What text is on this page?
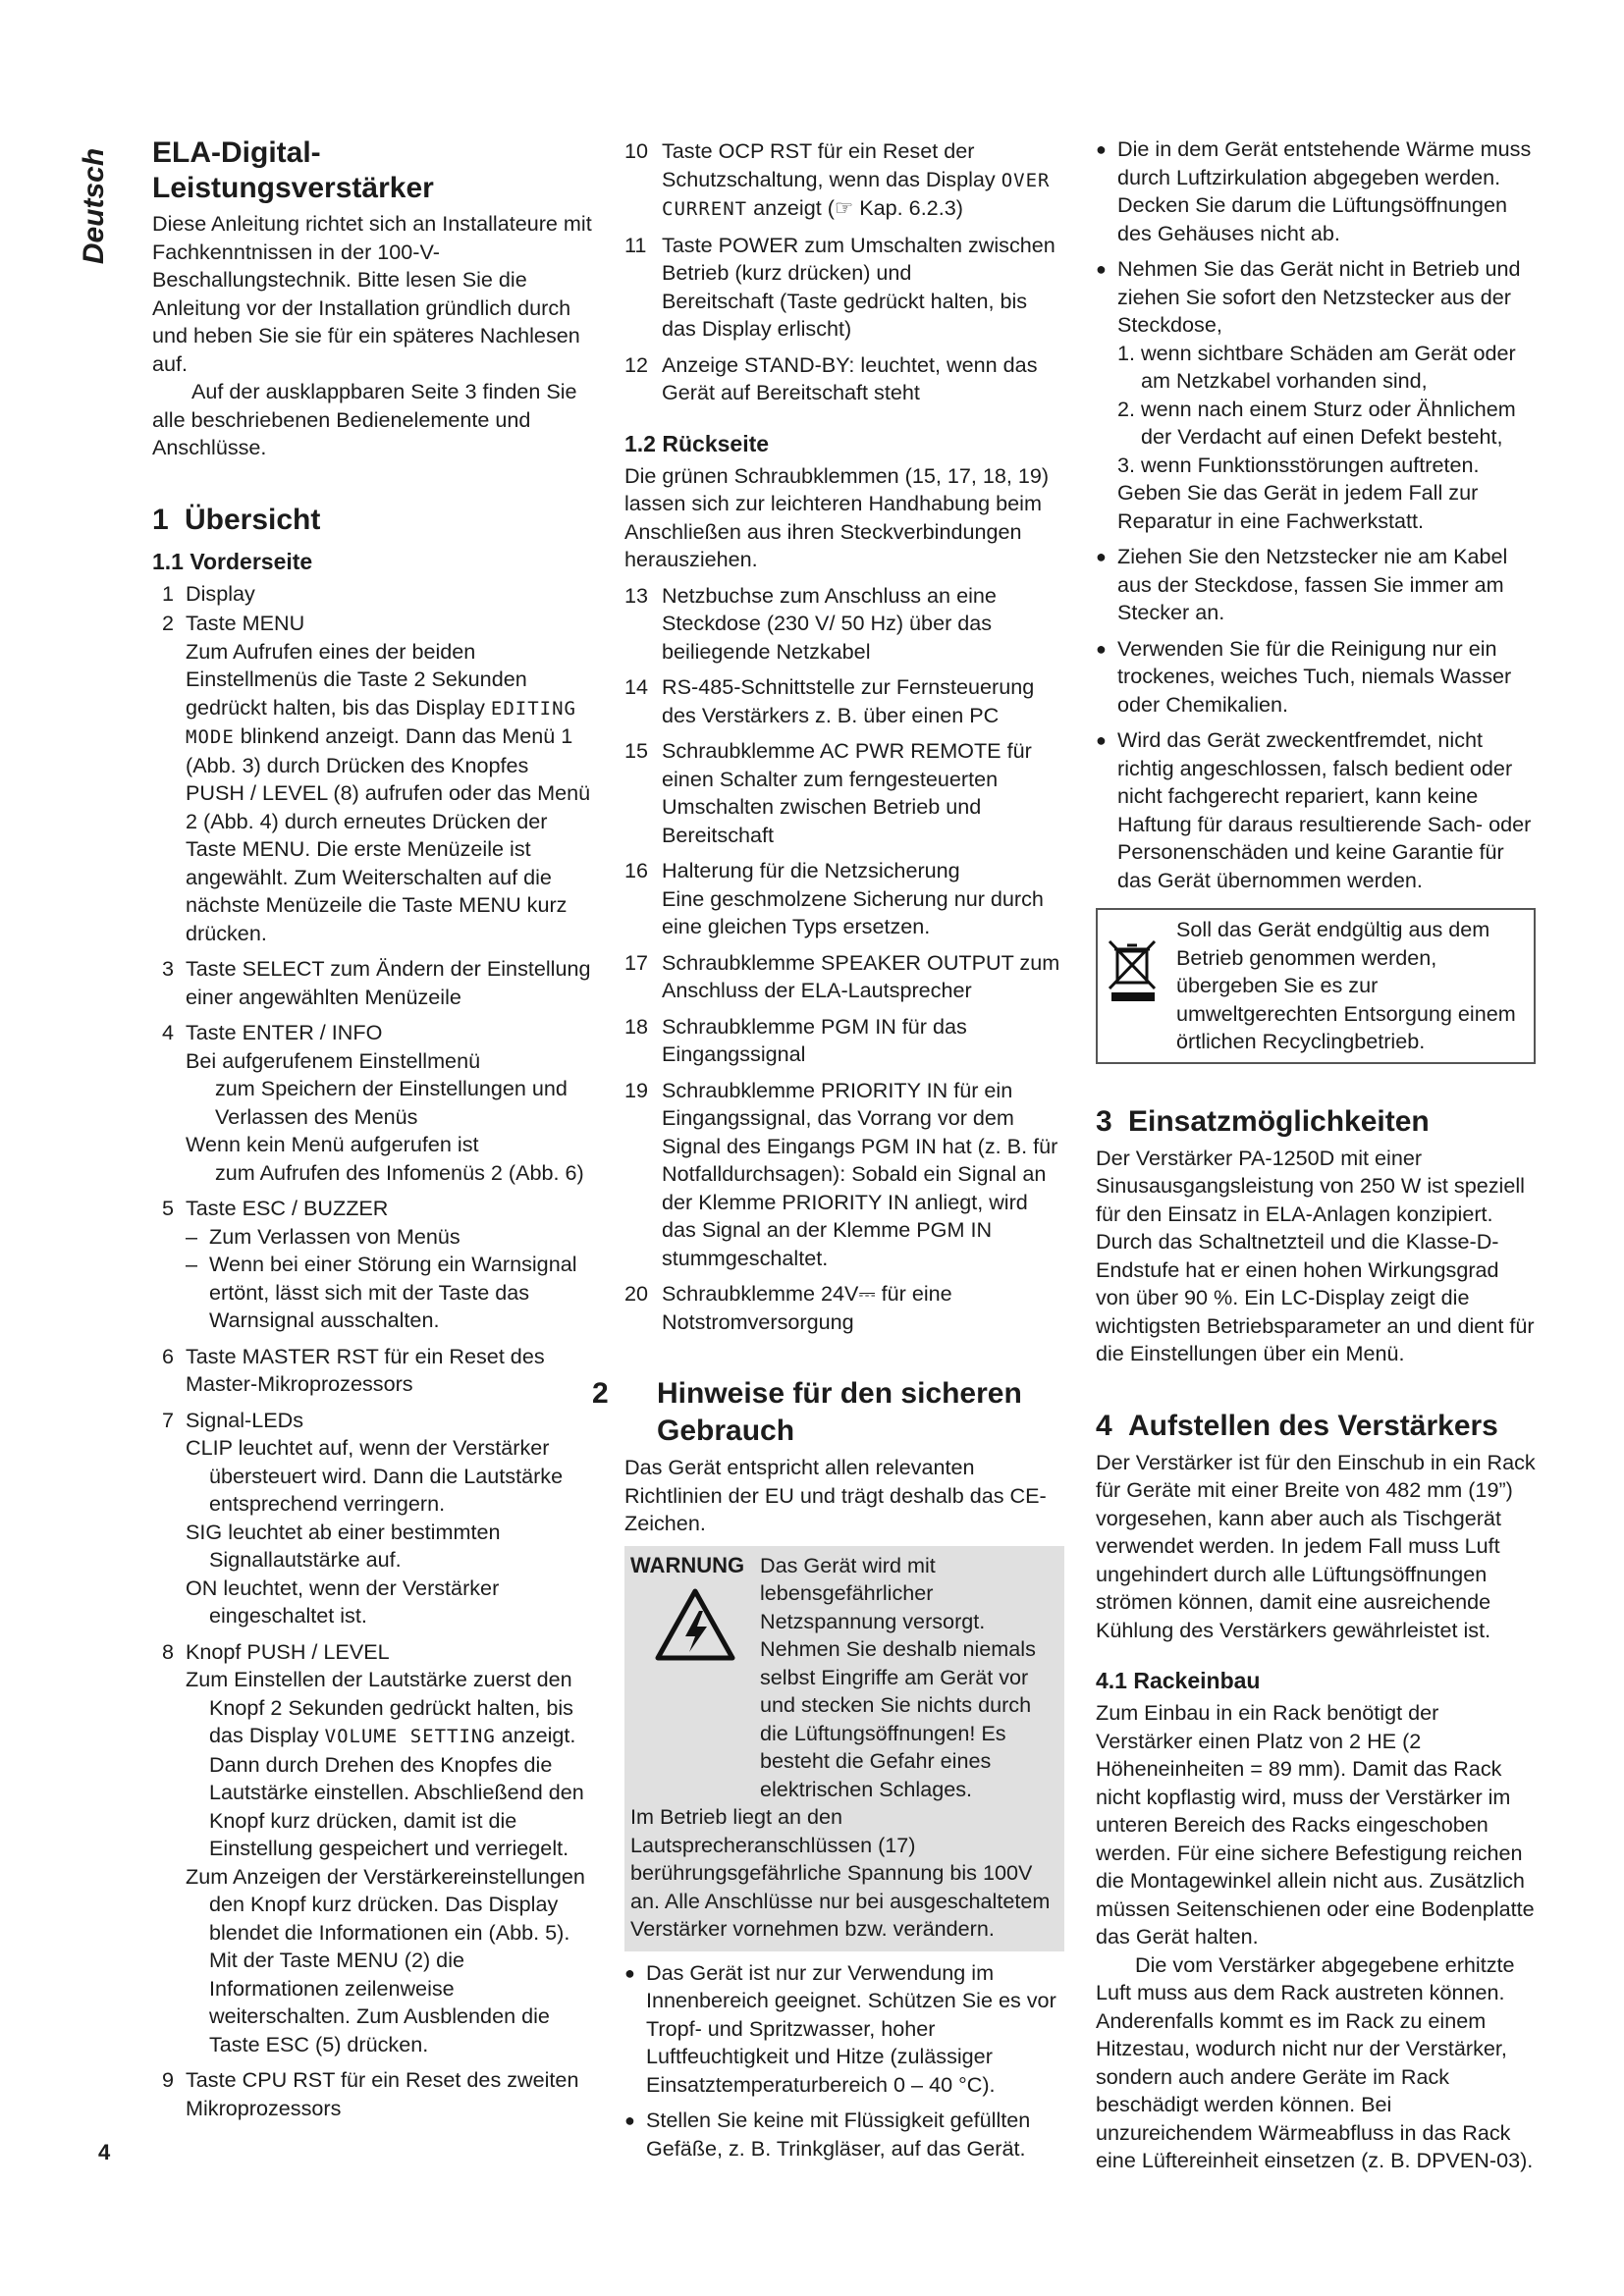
Deutsch ELA-Digital-Leistungsverstärker

Diese Anleitung richtet sich an Installateure mit Fachkenntnissen in der 100-V-Beschallungstechnik. Bitte lesen Sie die Anleitung vor der Installation gründlich durch und heben Sie sie für ein späteres Nachlesen auf.

Auf der ausklappbaren Seite 3 finden Sie alle beschriebenen Bedienelemente und Anschlüsse.

1 Übersicht
1.1 Vorderseite
1 Display
2 Taste MENU
Zum Aufrufen eines der beiden Einstellmenüs die Taste 2 Sekunden gedrückt halten, bis das Display EDITING MODE blinkend anzeigt. Dann das Menü 1 (Abb. 3) durch Drücken des Knopfes PUSH / LEVEL (8) aufrufen oder das Menü 2 (Abb. 4) durch erneutes Drücken der Taste MENU. Die erste Menüzeile ist angewählt. Zum Weiterschalten auf die nächste Menüzeile die Taste MENU kurz drücken.
3 Taste SELECT zum Ändern der Einstellung einer angewählten Menüzeile
4 Taste ENTER / INFO
Bei aufgerufenem Einstellmenü
zum Speichern der Einstellungen und Verlassen des Menüs
Wenn kein Menü aufgerufen ist
zum Aufrufen des Infomenüs 2 (Abb. 6)
5 Taste ESC / BUZZER
– Zum Verlassen von Menüs
– Wenn bei einer Störung ein Warnsignal ertönt, lässt sich mit der Taste das Warnsignal ausschalten.
6 Taste MASTER RST für ein Reset des Master-Mikroprozessors
7 Signal-LEDs
CLIP leuchtet auf, wenn der Verstärker übersteuert wird. Dann die Lautstärke entsprechend verringern.
SIG leuchtet ab einer bestimmten Signallautstärke auf.
ON leuchtet, wenn der Verstärker eingeschaltet ist.
8 Knopf PUSH / LEVEL
Zum Einstellen der Lautstärke zuerst den Knopf 2 Sekunden gedrückt halten, bis das Display VOLUME SETTING anzeigt. Dann durch Drehen des Knopfes die Lautstärke einstellen. Abschließend den Knopf kurz drücken, damit ist die Einstellung gespeichert und verriegelt.
Zum Anzeigen der Verstärkereinstellungen den Knopf kurz drücken. Das Display blendet die Informationen ein (Abb. 5). Mit der Taste MENU (2) die Informationen zeilenweise weiterschalten. Zum Ausblenden die Taste ESC (5) drücken.
9 Taste CPU RST für ein Reset des zweiten Mikroprozessors
10 Taste OCP RST für ein Reset der Schutzschaltung, wenn das Display OVER CURRENT anzeigt (☞ Kap. 6.2.3)
11 Taste POWER zum Umschalten zwischen Betrieb (kurz drücken) und
Bereitschaft (Taste gedrückt halten, bis das Display erlischt)
12 Anzeige STAND-BY: leuchtet, wenn das Gerät auf Bereitschaft steht
1.2 Rückseite

Die grünen Schraubklemmen (15, 17, 18, 19) lassen sich zur leichteren Handhabung beim Anschließen aus ihren Steckverbindungen herausziehen.

13 Netzbuchse zum Anschluss an eine Steckdose (230 V/ 50 Hz) über das beiliegende Netzkabel
14 RS-485-Schnittstelle zur Fernsteuerung des Verstärkers z. B. über einen PC
15 Schraubklemme AC PWR REMOTE für einen Schalter zum ferngesteuerten Umschalten zwischen Betrieb und Bereitschaft
16 Halterung für die Netzsicherung
Eine geschmolzene Sicherung nur durch eine gleichen Typs ersetzen.
17 Schraubklemme SPEAKER OUTPUT zum Anschluss der ELA-Lautsprecher
18 Schraubklemme PGM IN für das Eingangssignal
19 Schraubklemme PRIORITY IN für ein Eingangssignal, das Vorrang vor dem Signal des Eingangs PGM IN hat (z. B. für Notfalldurchsagen): Sobald ein Signal an der Klemme PRIORITY IN anliegt, wird das Signal an der Klemme PGM IN stummgeschaltet.
20 Schraubklemme 24V⎓ für eine Notstromversorgung
2 Hinweise für den sicheren Gebrauch

Das Gerät entspricht allen relevanten Richtlinien der EU und trägt deshalb das CE-Zeichen.

WARNUNG Das Gerät wird mit lebensgefährlicher Netzspannung versorgt. Nehmen Sie deshalb niemals selbst Eingriffe am Gerät vor und stecken Sie nichts durch die Lüftungsöffnungen! Es besteht die Gefahr eines elektrischen Schlages.

Im Betrieb liegt an den Lautsprecheranschlüssen (17) berührungsgefährliche Spannung bis 100V an. Alle Anschlüsse nur bei ausgeschaltetem Verstärker vornehmen bzw. verändern.

● Das Gerät ist nur zur Verwendung im Innenbereich geeignet. Schützen Sie es vor Tropf- und Spritzwasser, hoher Luftfeuchtigkeit und Hitze (zulässiger Einsatztemperaturbereich 0 – 40 °C).
● Stellen Sie keine mit Flüssigkeit gefüllten Gefäße, z. B. Trinkgläser, auf das Gerät.
● Die in dem Gerät entstehende Wärme muss durch Luftzirkulation abgegeben werden. Decken Sie darum die Lüftungsöffnungen des Gehäuses nicht ab.
● Nehmen Sie das Gerät nicht in Betrieb und ziehen Sie sofort den Netzstecker aus der Steckdose,
1. wenn sichtbare Schäden am Gerät oder am Netzkabel vorhanden sind,
2. wenn nach einem Sturz oder Ähnlichem der Verdacht auf einen Defekt besteht,
3. wenn Funktionsstörungen auftreten.
Geben Sie das Gerät in jedem Fall zur Reparatur in eine Fachwerkstatt.
● Ziehen Sie den Netzstecker nie am Kabel aus der Steckdose, fassen Sie immer am Stecker an.
● Verwenden Sie für die Reinigung nur ein trockenes, weiches Tuch, niemals Wasser oder Chemikalien.
● Wird das Gerät zweckentfremdet, nicht richtig angeschlossen, falsch bedient oder nicht fachgerecht repariert, kann keine Haftung für daraus resultierende Sach- oder Personenschäden und keine Garantie für das Gerät übernommen werden.
Soll das Gerät endgültig aus dem Betrieb genommen werden, übergeben Sie es zur umweltgerechten Entsorgung einem örtlichen Recyclingbetrieb.
3 Einsatzmöglichkeiten

Der Verstärker PA-1250D mit einer Sinusausgangsleistung von 250 W ist speziell für den Einsatz in ELA-Anlagen konzipiert. Durch das Schaltnetzteil und die Klasse-D-Endstufe hat er einen hohen Wirkungsgrad von über 90 %. Ein LC-Display zeigt die wichtigsten Betriebsparameter an und dient für die Einstellungen über ein Menü.

4 Aufstellen des Verstärkers

Der Verstärker ist für den Einschub in ein Rack für Geräte mit einer Breite von 482 mm (19”) vorgesehen, kann aber auch als Tischgerät verwendet werden. In jedem Fall muss Luft ungehindert durch alle Lüftungsöffnungen strömen können, damit eine ausreichende Kühlung des Verstärkers gewährleistet ist.

4.1 Rackeinbau

Zum Einbau in ein Rack benötigt der Verstärker einen Platz von 2 HE (2 Höheneinheiten = 89 mm). Damit das Rack nicht kopflastig wird, muss der Verstärker im unteren Bereich des Racks eingeschoben werden. Für eine sichere Befestigung reichen die Montagewinkel allein nicht aus. Zusätzlich müssen Seitenschienen oder eine Bodenplatte das Gerät halten.

Die vom Verstärker abgegebene erhitzte Luft muss aus dem Rack austreten können. Anderenfalls kommt es im Rack zu einem Hitzestau, wodurch nicht nur der Verstärker, sondern auch andere Geräte im Rack beschädigt werden können. Bei unzureichendem Wärmeabfluss in das Rack eine Lüftereinheit einsetzen (z. B. DPVEN-03).

4
